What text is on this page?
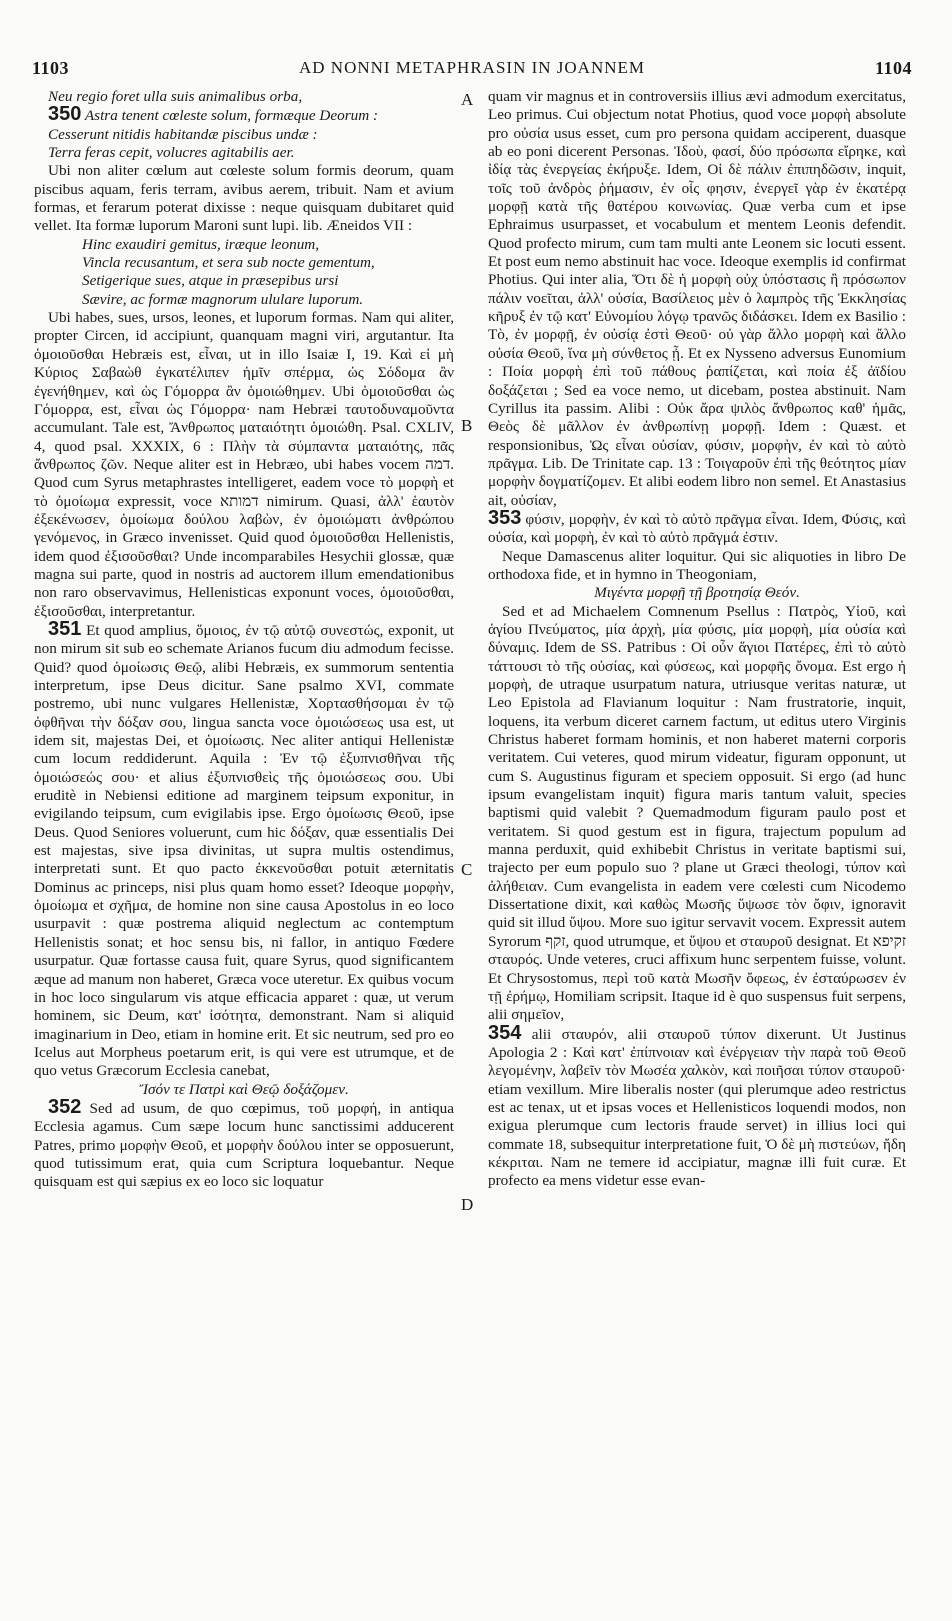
AD NONNI METAPHRASIN IN JOANNEM
1103	1104
A
B
C
D

Neu regio foret ulla suis animalibus orba,

350 Astra tenent cœleste solum, formæque Deorum :

Cesserunt nitidis habitandæ piscibus undæ :

Terra feras cepit, volucres agitabilis aer.

Ubi non aliter cœlum aut cœleste solum formis deorum, quam piscibus aquam, feris terram, avibus aerem, tribuit. Nam et avium formas, et ferarum poterat dixisse : neque quisquam dubitaret quid vellet. Ita formæ luporum Maroni sunt lupi. lib. Æneidos VII :

Hinc exaudiri gemitus, iræque leonum,

Vincla recusantum, et sera sub nocte gementum,

Setigerique sues, atque in præsepibus ursi

Sævire, ac formæ magnorum ululare luporum.

Ubi habes, sues, ursos, leones, et luporum formas. Nam qui aliter, propter Circen, id accipiunt, quanquam magni viri, argutantur. Ita ὁμοιοῦσθαι Hebræis est, εἶναι, ut in illo Isaiæ I, 19. Καὶ εἰ μὴ Κύριος Σαβαὼθ ἐγκατέλιπεν ἡμῖν σπέρμα, ὡς Σόδομα ἂν ἐγενήθημεν, καὶ ὡς Γόμορρα ἂν ὁμοιώθημεν. Ubi ὁμοιοῦσθαι ὡς Γόμορρα, est, εἶναι ὡς Γόμορρα· nam Hebræi ταυτοδυναμοῦντα accumulant. Tale est, Ἄνθρωπος ματαιότητι ὁμοιώθη. Psal. CXLIV, 4, quod psal. XXXIX, 6 : Πλὴν τὰ σύμπαντα ματαιότης, πᾶς ἄνθρωπος ζῶν. Neque aliter est in Hebræo, ubi habes vocem דמה. Quod cum Syrus metaphrastes intelligeret, eadem voce τὸ μορφὴ et τὸ ὁμοίωμα expressit, voce דמותא nimirum. Quasi, ἀλλ' ἑαυτὸν ἐξεκένωσεν, ὁμοίωμα δούλου λαβὼν, ἐν ὁμοιώματι ἀνθρώπου γενόμενος, in Græco invenisset. Quid quod ὁμοιοῦσθαι Hellenistis, idem quod ἐξισοῦσθαι? Unde incomparabiles Hesychii glossæ, quæ magna sui parte, quod in nostris ad auctorem illum emendationibus non raro observavimus, Hellenisticas exponunt voces, ὁμοιοῦσθαι, ἐξισοῦσθαι, interpretantur.

351 Et quod amplius, ὅμοιος, ἐν τῷ αὐτῷ συνεστώς, exponit, ut non mirum sit sub eo schemate Arianos fucum diu admodum fecisse. Quid? quod ὁμοίωσις Θεῷ, alibi Hebræis, ex summorum sententia interpretum, ipse Deus dicitur. Sane psalmo XVI, commate postremo, ubi nunc vulgares Hellenistæ, Χορτασθήσομαι ἐν τῷ ὀφθῆναι τὴν δόξαν σου, lingua sancta voce ὁμοιώσεως usa est, ut idem sit, majestas Dei, et ὁμοίωσις. Nec aliter antiqui Hellenistæ cum locum reddiderunt. Aquila : Ἐν τῷ ἐξυπνισθῆναι τῆς ὁμοιώσεώς σου· et alius ἐξυπνισθεὶς τῆς ὁμοιώσεως σου. Ubi eruditè in Nebiensi editione ad marginem teipsum exponitur, in evigilando teipsum, cum evigilabis ipse. Ergo ὁμοίωσις Θεοῦ, ipse Deus. Quod Seniores voluerunt, cum hic δόξαν, quæ essentialis Dei est majestas, sive ipsa divinitas, ut supra multis ostendimus, interpretati sunt. Et quo pacto ἐκκενοῦσθαι potuit æternitatis Dominus ac princeps, nisi plus quam homo esset? Ideoque μορφὴν, ὁμοίωμα et σχῆμα, de homine non sine causa Apostolus in eo loco usurpavit : quæ postrema aliquid neglectum ac contemptum Hellenistis sonat; et hoc sensu bis, ni fallor, in antiquo Fœdere usurpatur. Quæ fortasse causa fuit, quare Syrus, quod significantem æque ad manum non haberet, Græca voce uteretur. Ex quibus vocum in hoc loco singularum vis atque efficacia apparet : quæ, ut verum hominem, sic Deum, κατ' ἰσότητα, demonstrant. Nam si aliquid imaginarium in Deo, etiam in homine erit. Et sic neutrum, sed pro eo Icelus aut Morpheus poetarum erit, is qui vere est utrumque, et de quo vetus Græcorum Ecclesia canebat,

Ἴσόν τε Πατρὶ καὶ Θεῷ δοξάζομεν.

352 Sed ad usum, de quo cœpimus, τοῦ μορφή, in antiqua Ecclesia agamus. Cum sæpe locum hunc sanctissimi adducerent Patres, primo μορφὴν Θεοῦ, et μορφὴν δούλου inter se opposuerunt, quod tutissimum erat, quia cum Scriptura loquebantur. Neque quisquam est qui sæpius ex eo loco sic loquatur

quam vir magnus et in controversiis illius ævi admodum exercitatus, Leo primus. Cui objectum notat Photius, quod voce μορφὴ absolute pro οὐσία usus esset, cum pro persona quidam acciperent, duasque ab eo poni dicerent Personas. Ἰδοὺ, φασί, δύο πρόσωπα εἴρηκε, καὶ ἰδίᾳ τὰς ἐνεργείας ἐκήρυξε. Idem, Οἱ δὲ πάλιν ἐπιπηδῶσιν, inquit, τοῖς τοῦ ἀνδρὸς ῥήμασιν, ἐν οἷς φησιν, ἐνεργεῖ γὰρ ἐν ἑκατέρᾳ μορφῇ κατὰ τῆς θατέρου κοινωνίας. Quæ verba cum et ipse Ephraimus usurpasset, et vocabulum et mentem Leonis defendit. Quod profecto mirum, cum tam multi ante Leonem sic locuti essent. Et post eum nemo abstinuit hac voce. Ideoque exemplis id confirmat Photius. Qui inter alia, Ὅτι δὲ ἡ μορφὴ οὐχ ὑπόστασις ἢ πρόσωπον πάλιν νοεῖται, ἀλλ' οὐσία, Βασίλειος μὲν ὁ λαμπρὸς τῆς Ἐκκλησίας κῆρυξ ἐν τῷ κατ' Εὐνομίου λόγῳ τρανῶς διδάσκει. Idem ex Basilio : Τὸ, ἐν μορφῇ, ἐν οὐσίᾳ ἐστὶ Θεοῦ· οὐ γὰρ ἄλλο μορφὴ καὶ ἄλλο οὐσία Θεοῦ, ἵνα μὴ σύνθετος ᾖ. Et ex Nysseno adversus Eunomium : Ποία μορφὴ ἐπὶ τοῦ πάθους ῥαπίζεται, καὶ ποία ἐξ ἀϊδίου δοξάζεται ; Sed ea voce nemo, ut dicebam, postea abstinuit. Nam Cyrillus ita passim. Alibi : Οὐκ ἄρα ψιλὸς ἄνθρωπος καθ' ἡμᾶς, Θεὸς δὲ μᾶλλον ἐν ἀνθρωπίνῃ μορφῇ. Idem : Quæst. et responsionibus, Ὡς εἶναι οὐσίαν, φύσιν, μορφὴν, ἐν καὶ τὸ αὐτὸ πρᾶγμα. Lib. De Trinitate cap. 13 : Τοιγαροῦν ἐπὶ τῆς θεότητος μίαν μορφὴν δογματίζομεν. Et alibi eodem libro non semel. Et Anastasius ait, οὐσίαν,

353 φύσιν, μορφὴν, ἐν καὶ τὸ αὐτὸ πρᾶγμα εἶναι. Idem, Φύσις, καὶ οὐσία, καὶ μορφὴ, ἐν καὶ τὸ αὐτὸ πρᾶγμά ἐστιν.

Neque Damascenus aliter loquitur. Qui sic aliquoties in libro De orthodoxa fide, et in hymno in Theogoniam,

Μιγέντα μορφῇ τῇ βροτησίᾳ Θεόν.

Sed et ad Michaelem Comnenum Psellus : Πατρὸς, Υἱοῦ, καὶ ἁγίου Πνεύματος, μία ἀρχὴ, μία φύσις, μία μορφὴ, μία οὐσία καὶ δύναμις. Idem de SS. Patribus : Οἱ οὖν ἅγιοι Πατέρες, ἐπὶ τὸ αὐτὸ τάττουσι τὸ τῆς οὐσίας, καὶ φύσεως, καὶ μορφῆς ὄνομα. Est ergo ἡ μορφὴ, de utraque usurpatum natura, utriusque veritas naturæ, ut Leo Epistola ad Flavianum loquitur : Nam frustratorie, inquit, loquens, ita verbum diceret carnem factum, ut editus utero Virginis Christus haberet formam hominis, et non haberet materni corporis veritatem. Cui veteres, quod mirum videatur, figuram opponunt, ut cum S. Augustinus figuram et speciem opposuit. Si ergo (ad hunc ipsum evangelistam inquit) figura maris tantum valuit, species baptismi quid valebit ? Quemadmodum figuram paulo post et veritatem. Si quod gestum est in figura, trajectum populum ad manna perduxit, quid exhibebit Christus in veritate baptismi sui, trajecto per eum populo suo ? plane ut Græci theologi, τύπον καὶ ἀλήθειαν. Cum evangelista in eadem vere cœlesti cum Nicodemo Dissertatione dixit, καὶ καθὼς Μωσῆς ὕψωσε τὸν ὄφιν, ignoravit quid sit illud ὕψου. More suo igitur servavit vocem. Expressit autem Syrorum זקף, quod utrumque, et ὕψου et σταυροῦ designat. Et זקיפא σταυρός. Unde veteres, cruci affixum hunc serpentem fuisse, volunt. Et Chrysostomus, περὶ τοῦ κατὰ Μωσῆν ὄφεως, ἐν ἐσταύρωσεν ἐν τῇ ἐρήμῳ, Homiliam scripsit. Itaque id è quo suspensus fuit serpens, alii σημεῖον,

354 alii σταυρόν, alii σταυροῦ τύπον dixerunt. Ut Justinus Apologia 2 : Καὶ κατ' ἐπίπνοιαν καὶ ἐνέργειαν τὴν παρὰ τοῦ Θεοῦ λεγομένην, λαβεῖν τὸν Μωσέα χαλκὸν, καὶ ποιῆσαι τύπον σταυροῦ· etiam vexillum. Mire liberalis noster (qui plerumque adeo restrictus est ac tenax, ut et ipsas voces et Hellenisticos loquendi modos, non exigua plerumque cum lectoris fraude servet) in illius loci qui commate 18, subsequitur interpretatione fuit, Ὁ δὲ μὴ πιστεύων, ἤδη κέκριται. Nam ne temere id accipiatur, magnæ illi fuit curæ. Et profecto ea mens videtur esse evan-
